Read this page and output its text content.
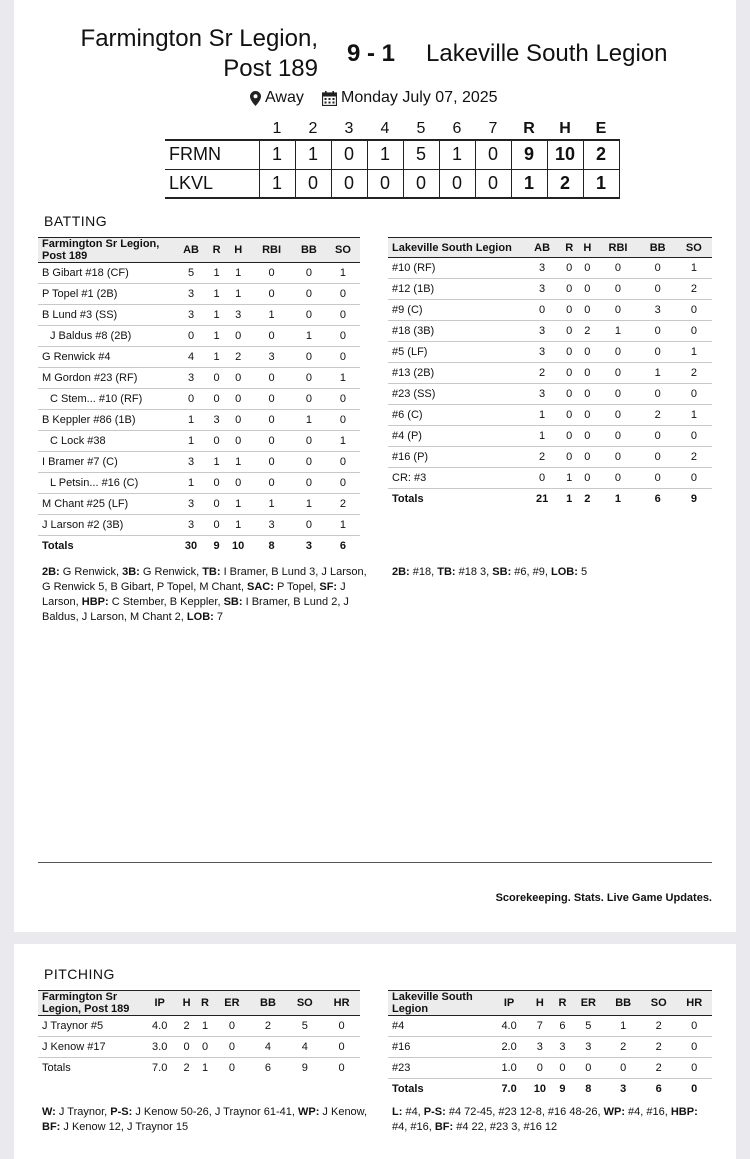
Farmington Sr Legion,
Post 189
9 - 1 Lakeville South Legion
Away Monday July 07, 2025
	1	2	3	4	5	6	7	R	H	E
FRMN	1	1	0	1	5	1	0	9	10	2
LKVL	1	0	0	0	0	0	0	1	2	1
BATTING
Farmington Sr Legion, Post 189	AB	R	H	RBI	BB	SO
B Gibart #18 (CF)	5	1	1	0	0	1
P Topel #1 (2B)	3	1	1	0	0	0
B Lund #3 (SS)	3	1	3	1	0	0
J Baldus #8 (2B)	0	1	0	0	1	0
G Renwick #4	4	1	2	3	0	0
M Gordon #23 (RF)	3	0	0	0	0	1
C Stem... #10 (RF)	0	0	0	0	0	0
B Keppler #86 (1B)	1	3	0	0	1	0
C Lock #38	1	0	0	0	0	1
I Bramer #7 (C)	3	1	1	0	0	0
L Petsin... #16 (C)	1	0	0	0	0	0
M Chant #25 (LF)	3	0	1	1	1	2
J Larson #2 (3B)	3	0	1	3	0	1
Totals	30	9	10	8	3	6
Lakeville South Legion	AB	R	H	RBI	BB	SO
#10 (RF)	3	0	0	0	0	1
#12 (1B)	3	0	0	0	0	2
#9 (C)	0	0	0	0	3	0
#18 (3B)	3	0	2	1	0	0
#5 (LF)	3	0	0	0	0	1
#13 (2B)	2	0	0	0	1	2
#23 (SS)	3	0	0	0	0	0
#6 (C)	1	0	0	0	2	1
#4 (P)	1	0	0	0	0	0
#16 (P)	2	0	0	0	0	2
CR: #3	0	1	0	0	0	0
Totals	21	1	2	1	6	9
2B: G Renwick, 3B: G Renwick, TB: I Bramer, B Lund 3, J Larson, G Renwick 5, B Gibart, P Topel, M Chant, SAC: P Topel, SF: J Larson, HBP: C Stember, B Keppler, SB: I Bramer, B Lund 2, J Baldus, J Larson, M Chant 2, LOB: 7
2B: #18, TB: #18 3, SB: #6, #9, LOB: 5
Scorekeeping. Stats. Live Game Updates.
PITCHING
Farmington Sr Legion, Post 189	IP	H	R	ER	BB	SO	HR
J Traynor #5	4.0	2	1	0	2	5	0
J Kenow #17	3.0	0	0	0	4	4	0
Totals	7.0	2	1	0	6	9	0
Lakeville South Legion	IP	H	R	ER	BB	SO	HR
#4	4.0	7	6	5	1	2	0
#16	2.0	3	3	3	2	2	0
#23	1.0	0	0	0	0	2	0
Totals	7.0	10	9	8	3	6	0
W: J Traynor, P-S: J Kenow 50-26, J Traynor 61-41, WP: J Kenow, BF: J Kenow 12, J Traynor 15
L: #4, P-S: #4 72-45, #23 12-8, #16 48-26, WP: #4, #16, HBP: #4, #16, BF: #4 22, #23 3, #16 12
